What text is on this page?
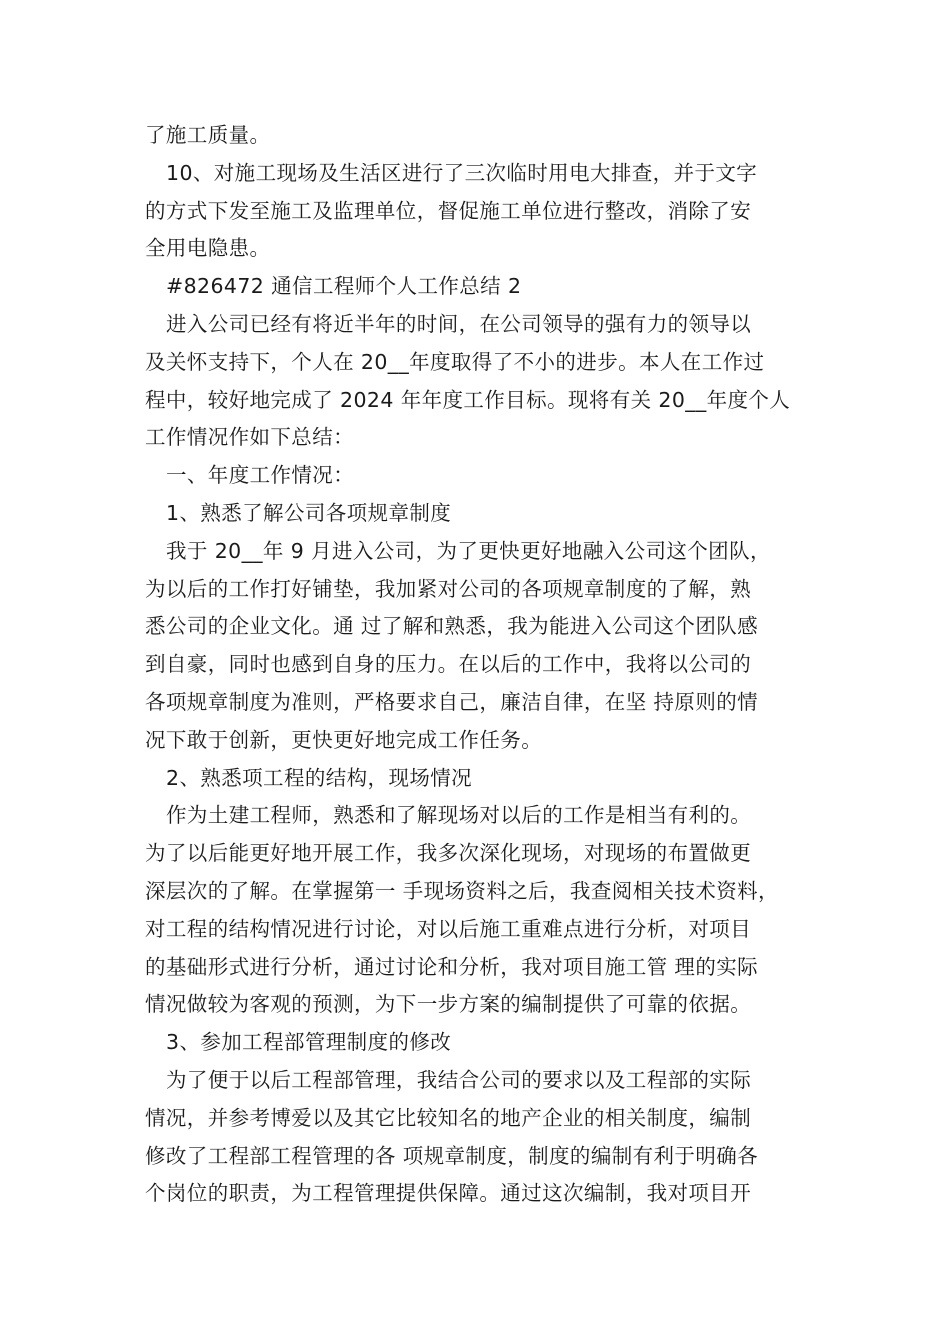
了施工质量。
10、对施工现场及生活区进行了三次临时用电大排查，并于文字
的方式下发至施工及监理单位，督促施工单位进行整改，消除了安
全用电隐患。
#826472 通信工程师个人工作总结 2
进入公司已经有将近半年的时间，在公司领导的强有力的领导以
及关怀支持下，个人在 20__年度取得了不小的进步。本人在工作过
程中，较好地完成了 2024 年年度工作目标。现将有关 20__年度个人
工作情况作如下总结：
一、年度工作情况：
1、熟悉了解公司各项规章制度
我于 20__年 9 月进入公司，为了更快更好地融入公司这个团队，
为以后的工作打好铺垫，我加紧对公司的各项规章制度的了解，熟
悉公司的企业文化。通 过了解和熟悉，我为能进入公司这个团队感
到自豪，同时也感到自身的压力。在以后的工作中，我将以公司的
各项规章制度为准则，严格要求自己，廉洁自律，在坚 持原则的情
况下敢于创新，更快更好地完成工作任务。
2、熟悉项工程的结构，现场情况
作为土建工程师，熟悉和了解现场对以后的工作是相当有利的。
为了以后能更好地开展工作，我多次深化现场，对现场的布置做更
深层次的了解。在掌握第一 手现场资料之后，我查阅相关技术资料，
对工程的结构情况进行讨论，对以后施工重难点进行分析，对项目
的基础形式进行分析，通过讨论和分析，我对项目施工管 理的实际
情况做较为客观的预测，为下一步方案的编制提供了可靠的依据。
3、参加工程部管理制度的修改
为了便于以后工程部管理，我结合公司的要求以及工程部的实际
情况，并参考博爱以及其它比较知名的地产企业的相关制度，编制
修改了工程部工程管理的各 项规章制度，制度的编制有利于明确各
个岗位的职责，为工程管理提供保障。通过这次编制，我对项目开
